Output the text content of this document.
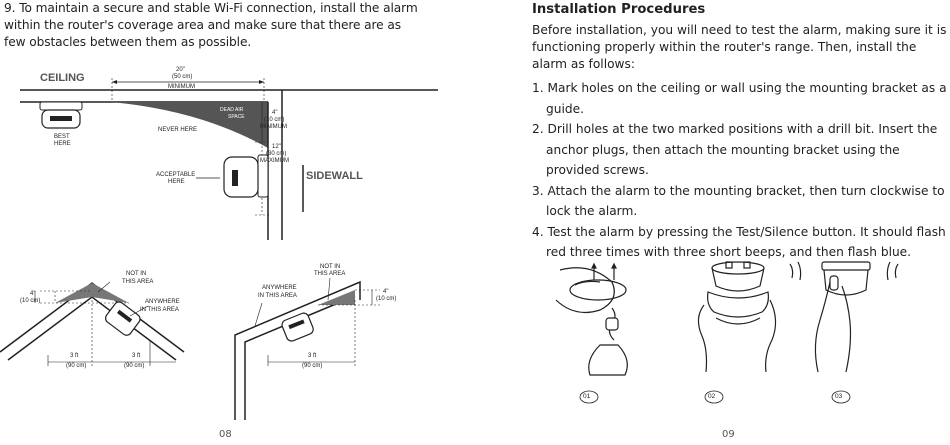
9. To maintain a secure and stable Wi-Fi connection, install the alarm within the router's coverage area and make sure that there are as few obstacles between them as possible.
CEILING
SIDEWALL
20"
(50 cm)
MINIMUM
DEAD AIR
SPACE
4"
(10 cm)
MINIMUM
12"
(30 cm)
MAXIMUM
BEST
HERE
NEVER HERE
ACCEPTABLE
HERE
NOT IN
THIS AREA
ANYWHERE
IN THIS AREA
4"
(10 cm)
3 ft
(90 cm)
3 ft
(90 cm)
NOT IN
THIS AREA
ANYWHERE
IN THIS AREA
4"
(10 cm)
3 ft
(90 cm)
08
Installation Procedures
Before installation, you will need to test the alarm, making sure it is functioning properly within the router's range. Then, install the alarm as follows:
1. Mark holes on the ceiling or wall using the mounting bracket as a guide.
2. Drill holes at the two marked positions with a drill bit. Insert the anchor plugs, then attach the mounting bracket using the provided screws.
3. Attach the alarm to the mounting bracket, then turn clockwise to lock the alarm.
4. Test the alarm by pressing the Test/Silence button. It should flash red three times with three short beeps, and then flash blue.
01	02	03
09
